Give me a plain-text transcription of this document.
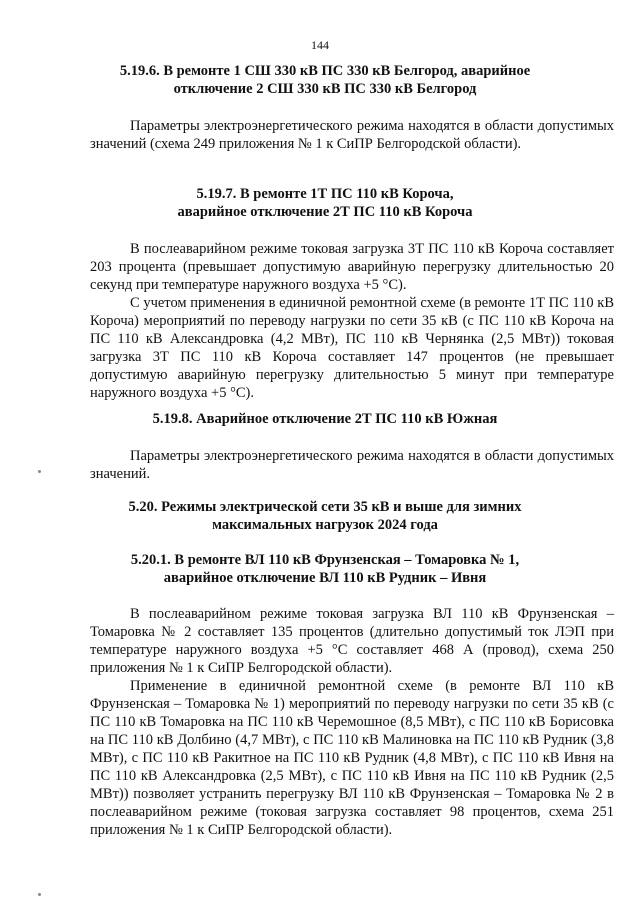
144
5.19.6. В ремонте 1 СШ 330 кВ ПС 330 кВ Белгород, аварийное
отключение 2 СШ 330 кВ ПС 330 кВ Белгород

Параметры электроэнергетического режима находятся в области допустимых значений (схема 249 приложения № 1 к СиПР Белгородской области).

5.19.7. В ремонте 1Т ПС 110 кВ Короча,
аварийное отключение 2Т ПС 110 кВ Короча

В послеаварийном режиме токовая загрузка 3Т ПС 110 кВ Короча составляет 203 процента (превышает допустимую аварийную перегрузку длительностью 20 секунд при температуре наружного воздуха +5 °С).

С учетом применения в единичной ремонтной схеме (в ремонте 1Т ПС 110 кВ Короча) мероприятий по переводу нагрузки по сети 35 кВ (с ПС 110 кВ Короча на ПС 110 кВ Александровка (4,2 МВт), ПС 110 кВ Чернянка (2,5 МВт)) токовая загрузка 3Т ПС 110 кВ Короча составляет 147 процентов (не превышает допустимую аварийную перегрузку длительностью 5 минут при температуре наружного воздуха +5 °С).

5.19.8. Аварийное отключение 2Т ПС 110 кВ Южная

Параметры электроэнергетического режима находятся в области допустимых значений.

5.20. Режимы электрической сети 35 кВ и выше для зимних
максимальных нагрузок 2024 года
5.20.1. В ремонте ВЛ 110 кВ Фрунзенская – Томаровка № 1,
аварийное отключение ВЛ 110 кВ Рудник – Ивня

В послеаварийном режиме токовая загрузка ВЛ 110 кВ Фрунзенская – Томаровка № 2 составляет 135 процентов (длительно допустимый ток ЛЭП при температуре наружного воздуха +5 °С составляет 468 А (провод), схема 250 приложения № 1 к СиПР Белгородской области).

Применение в единичной ремонтной схеме (в ремонте ВЛ 110 кВ Фрунзенская – Томаровка № 1) мероприятий по переводу нагрузки по сети 35 кВ (с ПС 110 кВ Томаровка на ПС 110 кВ Черемошное (8,5 МВт), с ПС 110 кВ Борисовка на ПС 110 кВ Долбино (4,7 МВт), с ПС 110 кВ Малиновка на ПС 110 кВ Рудник (3,8 МВт), с ПС 110 кВ Ракитное на ПС 110 кВ Рудник (4,8 МВт), с ПС 110 кВ Ивня на ПС 110 кВ Александровка (2,5 МВт), с ПС 110 кВ Ивня на ПС 110 кВ Рудник (2,5 МВт)) позволяет устранить перегрузку ВЛ 110 кВ Фрунзенская – Томаровка № 2 в послеаварийном режиме (токовая загрузка составляет 98 процентов, схема 251 приложения № 1 к СиПР Белгородской области).
